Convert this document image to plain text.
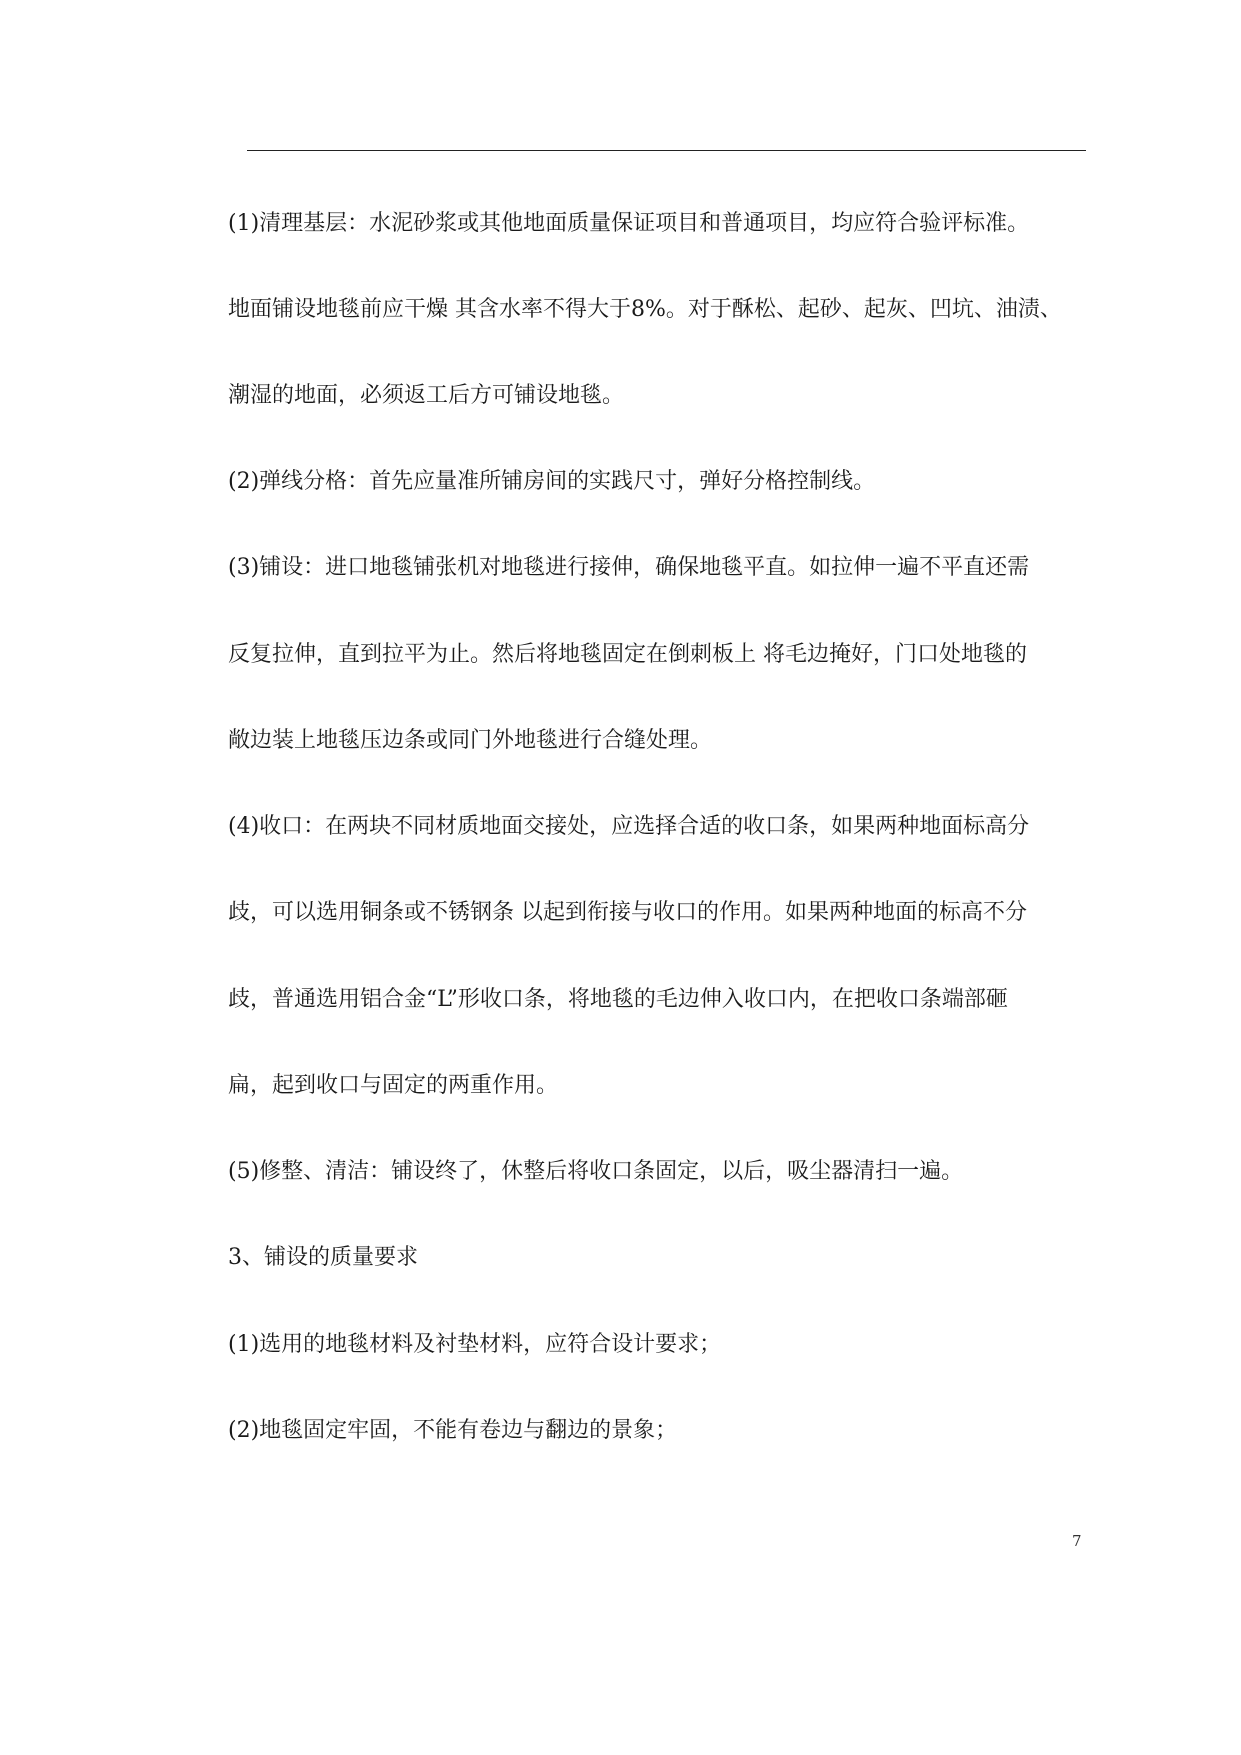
(1)清理基层：水泥砂浆或其他地面质量保证项目和普通项目，均应符合验评标准。
地面铺设地毯前应干燥 其含水率不得大于8%。对于酥松、起砂、起灰、凹坑、油渍、
潮湿的地面，必须返工后方可铺设地毯。
(2)弹线分格：首先应量准所铺房间的实践尺寸，弹好分格控制线。
(3)铺设：进口地毯铺张机对地毯进行接伸，确保地毯平直。如拉伸一遍不平直还需
反复拉伸，直到拉平为止。然后将地毯固定在倒刺板上 将毛边掩好，门口处地毯的
敞边装上地毯压边条或同门外地毯进行合缝处理。
(4)收口：在两块不同材质地面交接处，应选择合适的收口条，如果两种地面标高分
歧，可以选用铜条或不锈钢条 以起到衔接与收口的作用。如果两种地面的标高不分
歧，普通选用铝合金“L”形收口条，将地毯的毛边伸入收口内，在把收口条端部砸
扁，起到收口与固定的两重作用。
(5)修整、清洁：铺设终了，休整后将收口条固定，以后，吸尘器清扫一遍。
3、铺设的质量要求
(1)选用的地毯材料及衬垫材料，应符合设计要求；
(2)地毯固定牢固，不能有卷边与翻边的景象；
7
